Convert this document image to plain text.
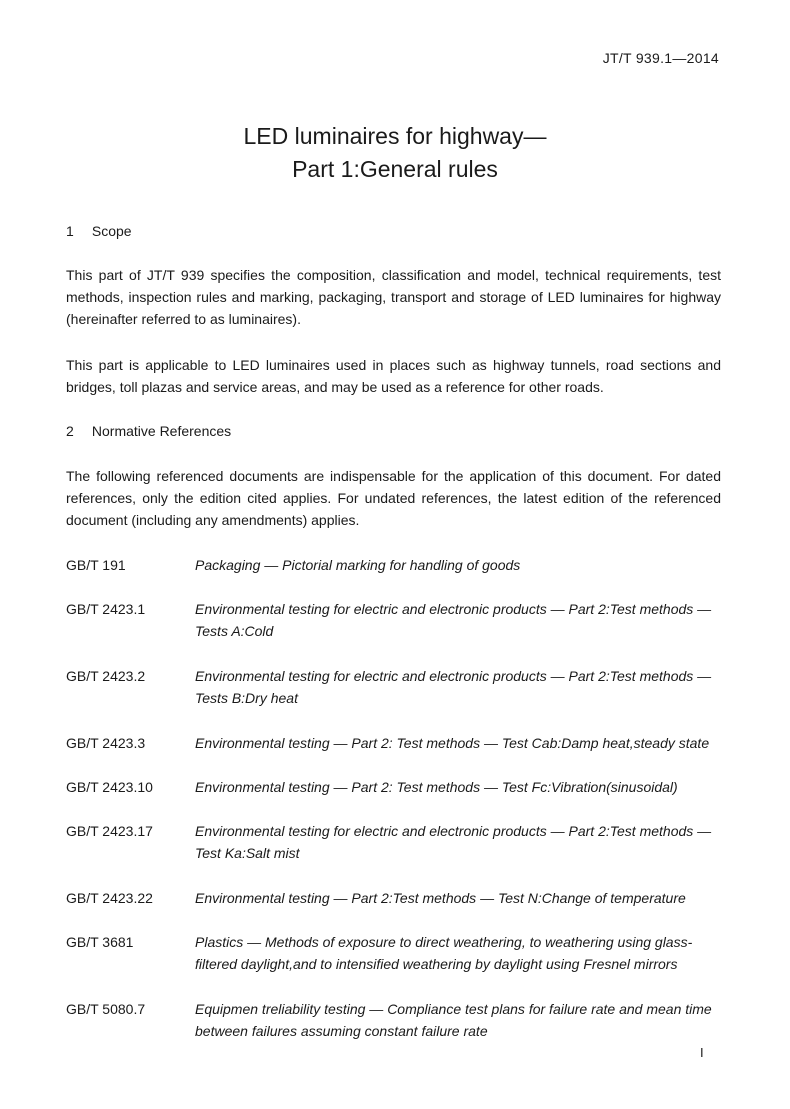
JT/T 939.1—2014
LED luminaires for highway—
Part 1:General rules
1 Scope
This part of JT/T 939 specifies the composition, classification and model, technical requirements, test methods, inspection rules and marking, packaging, transport and storage of LED luminaires for highway (hereinafter referred to as luminaires).
This part is applicable to LED luminaires used in places such as highway tunnels, road sections and bridges, toll plazas and service areas, and may be used as a reference for other roads.
2 Normative References
The following referenced documents are indispensable for the application of this document. For dated references, only the edition cited applies. For undated references, the latest edition of the referenced document (including any amendments) applies.
GB/T 191	Packaging — Pictorial marking for handling of goods
GB/T 2423.1	Environmental testing for electric and electronic products — Part 2:Test methods — Tests A:Cold
GB/T 2423.2	Environmental testing for electric and electronic products — Part 2:Test methods — Tests B:Dry heat
GB/T 2423.3	Environmental testing — Part 2: Test methods — Test Cab:Damp heat,steady state
GB/T 2423.10	Environmental testing — Part 2: Test methods — Test Fc:Vibration(sinusoidal)
GB/T 2423.17	Environmental testing for electric and electronic products — Part 2:Test methods — Test Ka:Salt mist
GB/T 2423.22	Environmental testing — Part 2:Test methods — Test N:Change of temperature
GB/T 3681	Plastics — Methods of exposure to direct weathering, to weathering using glass-filtered daylight,and to intensified weathering by daylight using Fresnel mirrors
GB/T 5080.7	Equipmen treliability testing — Compliance test plans for failure rate and mean time between failures assuming constant failure rate
I
